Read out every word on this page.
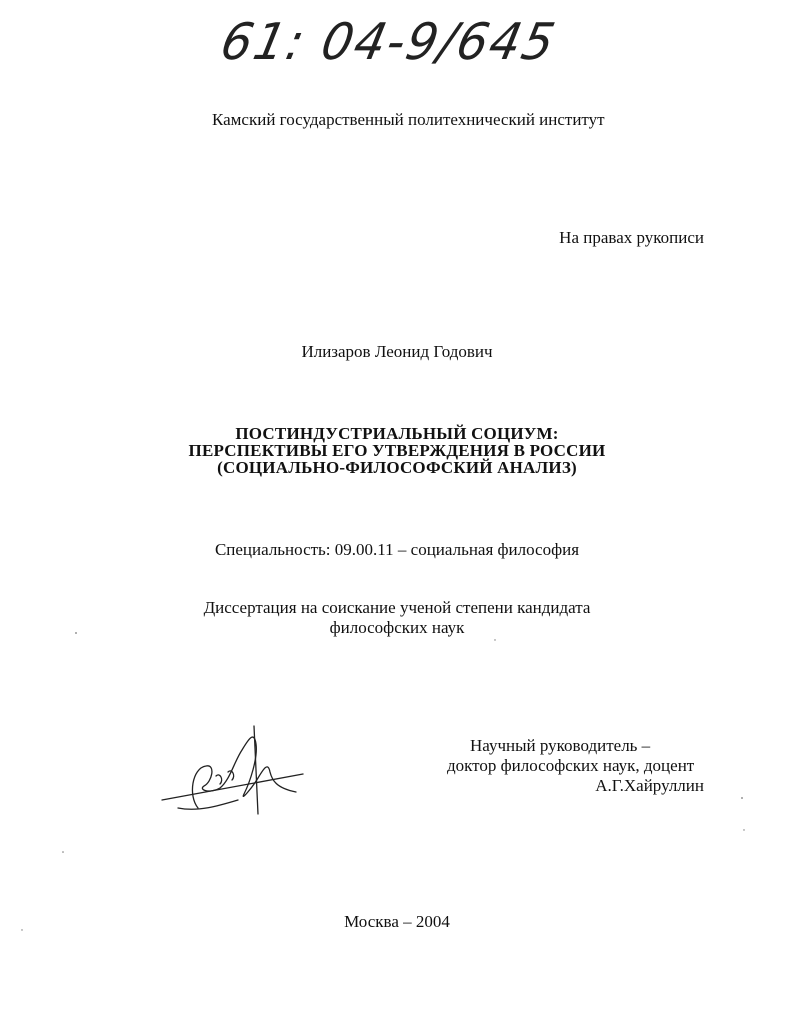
61: 04-9/645
Камский государственный политехнический институт
На правах рукописи
Илизаров Леонид Годович
ПОСТИНДУСТРИАЛЬНЫЙ СОЦИУМ:
ПЕРСПЕКТИВЫ ЕГО УТВЕРЖДЕНИЯ В РОССИИ
(СОЦИАЛЬНО-ФИЛОСОФСКИЙ АНАЛИЗ)
Специальность: 09.00.11 – социальная философия
Диссертация на соискание ученой степени кандидата
философских наук
Научный руководитель –
доктор философских наук, доцент
А.Г.Хайруллин
Москва – 2004
